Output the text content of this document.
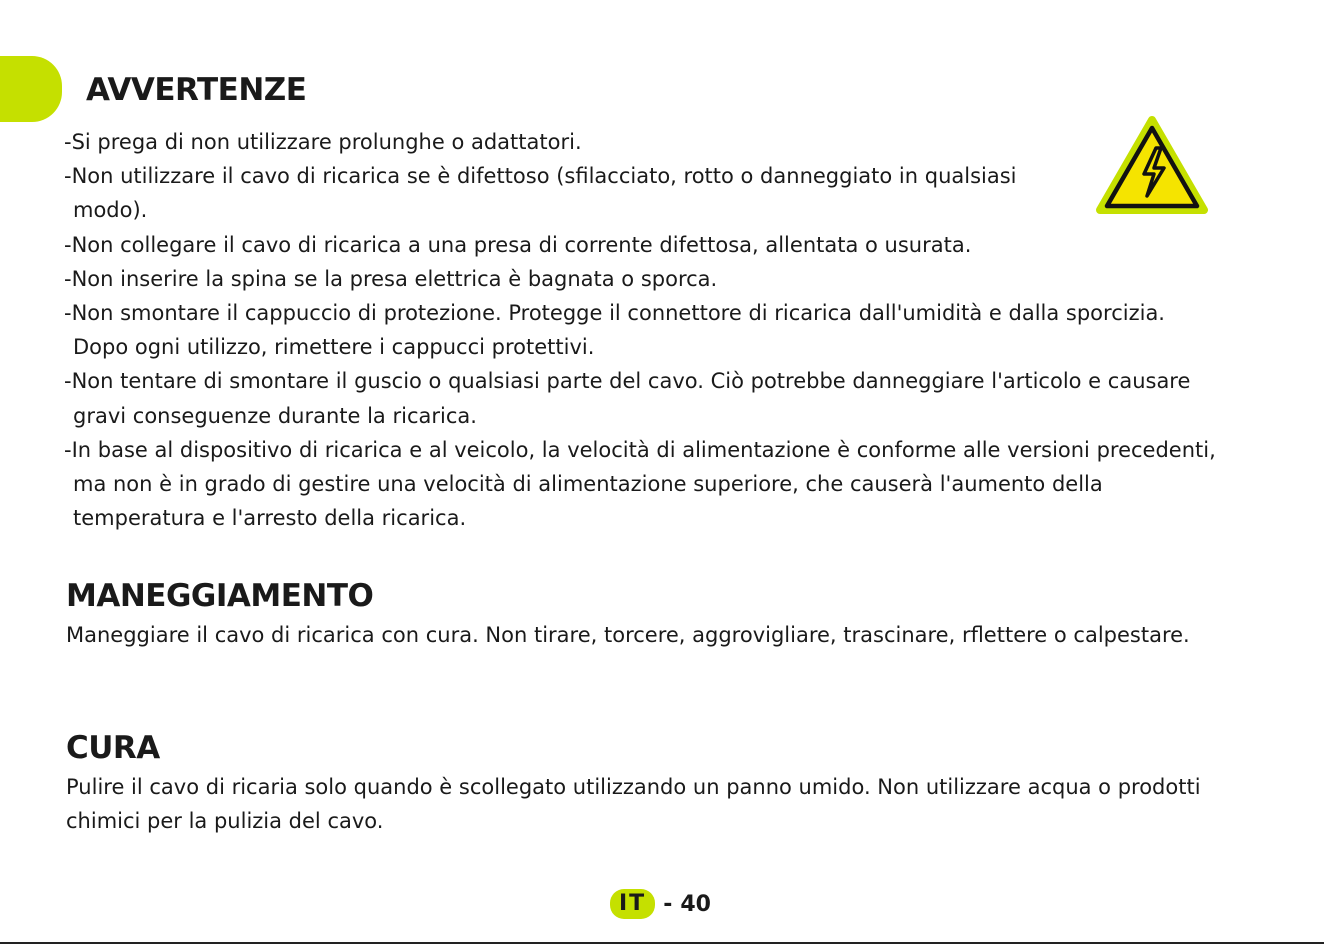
AVVERTENZE
-Si prega di non utilizzare prolunghe o adattatori.
-Non utilizzare il cavo di ricarica se è difettoso (sfilacciato, rotto o danneggiato in qualsiasi modo).
-Non collegare il cavo di ricarica a una presa di corrente difettosa, allentata o usurata.
-Non inserire la spina se la presa elettrica è bagnata o sporca.
-Non smontare il cappuccio di protezione. Protegge il connettore di ricarica dall'umidità e dalla sporcizia. Dopo ogni utilizzo, rimettere i cappucci protettivi.
-Non tentare di smontare il guscio o qualsiasi parte del cavo. Ciò potrebbe danneggiare l'articolo e causare gravi conseguenze durante la ricarica.
-In base al dispositivo di ricarica e al veicolo, la velocità di alimentazione è conforme alle versioni precedenti, ma non è in grado di gestire una velocità di alimentazione superiore, che causerà l'aumento della temperatura e l'arresto della ricarica.
MANEGGIAMENTO

Maneggiare il cavo di ricarica con cura. Non tirare, torcere, aggrovigliare, trascinare, rflettere o calpestare.

CURA

Pulire il cavo di ricaria solo quando è scollegato utilizzando un panno umido. Non utilizzare acqua o prodotti chimici per la pulizia del cavo.

IT - 40
